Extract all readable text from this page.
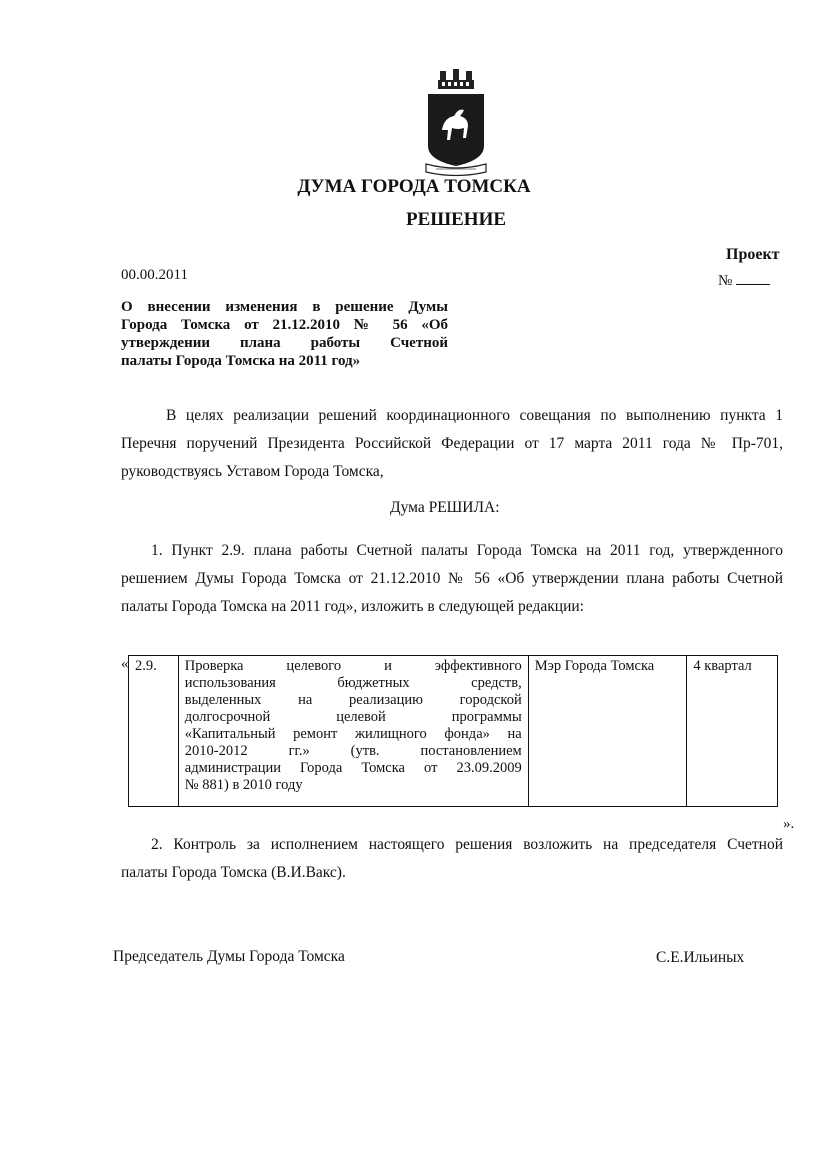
ДУМА ГОРОДА ТОМСКА
РЕШЕНИЕ
Проект
00.00.2011	№

О внесении изменения в решение Думы

Города Томска от 21.12.2010 № 56 «Об

утверждении плана работы Счетной

палаты Города Томска на 2011 год»

В целях реализации решений координационного совещания по выполнению пункта 1

Перечня поручений Президента Российской Федерации от 17 марта 2011 года № Пр-701,

руководствуясь Уставом Города Томска,

Дума РЕШИЛА:

1. Пункт 2.9. плана работы Счетной палаты Города Томска на 2011 год, утвержденного

решением Думы Города Томска от 21.12.2010 № 56 «Об утверждении плана работы Счетной

палаты Города Томска на 2011 год», изложить в следующей редакции:

« 2.9.	Проверка целевого и эффективного

использования бюджетных средств,

выделенных на реализацию городской

долгосрочной целевой программы

«Капитальный ремонт жилищного фонда» на

2010-2012 гг.» (утв. постановлением

администрации Города Томска от 23.09.2009

№ 881) в 2010 году

	Мэр Города Томска	4 квартал
».

2. Контроль за исполнением настоящего решения возложить на председателя Счетной

палаты Города Томска (В.И.Вакс).

Председатель Думы Города Томска	С.Е.Ильиных
